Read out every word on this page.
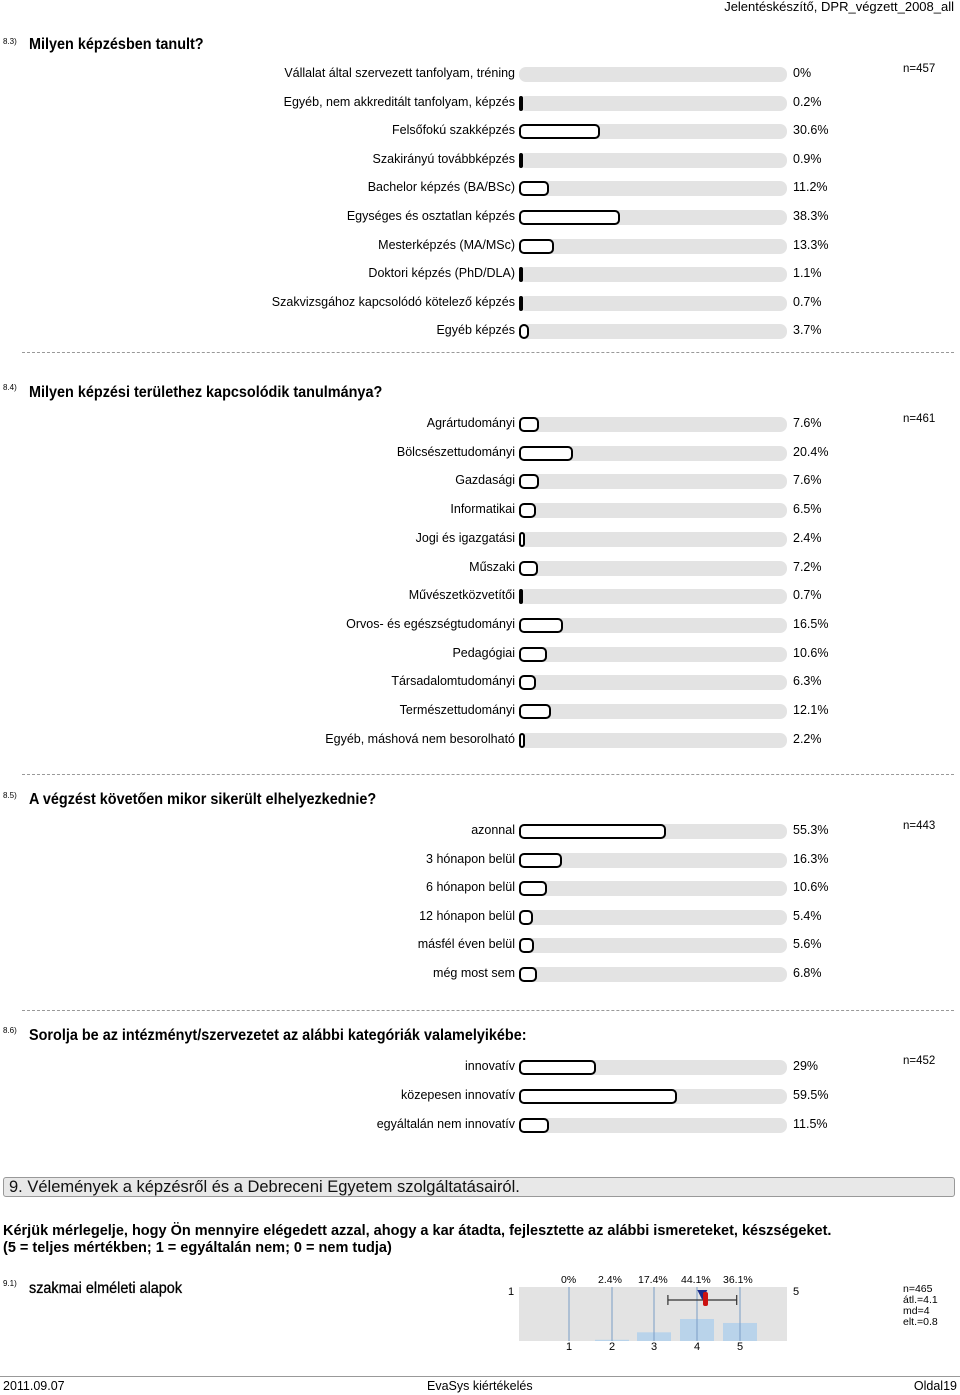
Jelentéskészítő, DPR_végzett_2008_all
8.3) Milyen képzésben tanult?
n=457
Vállalat által szervezett tanfolyam, tréning	0%
Egyéb, nem akkreditált tanfolyam, képzés	0.2%
Felsőfokú szakképzés	30.6%
Szakirányú továbbképzés	0.9%
Bachelor képzés (BA/BSc)	11.2%
Egységes és osztatlan képzés	38.3%
Mesterképzés (MA/MSc)	13.3%
Doktori képzés (PhD/DLA)	1.1%
Szakvizsgához kapcsolódó kötelező képzés	0.7%
Egyéb képzés	3.7%
8.4) Milyen képzési területhez kapcsolódik tanulmánya?
n=461
Agrártudományi	7.6%
Bölcsészettudományi	20.4%
Gazdasági	7.6%
Informatikai	6.5%
Jogi és igazgatási	2.4%
Műszaki	7.2%
Művészetközvetítői	0.7%
Orvos- és egészségtudományi	16.5%
Pedagógiai	10.6%
Társadalomtudományi	6.3%
Természettudományi	12.1%
Egyéb, máshová nem besorolható	2.2%
8.5) A végzést követően mikor sikerült elhelyezkednie?
n=443
azonnal	55.3%
3 hónapon belül	16.3%
6 hónapon belül	10.6%
12 hónapon belül	5.4%
másfél éven belül	5.6%
még most sem	6.8%
8.6) Sorolja be az intézményt/szervezetet az alábbi kategóriák valamelyikébe:
n=452
innovatív	29%
közepesen innovatív	59.5%
egyáltalán nem innovatív	11.5%
9. Vélemények a képzésről és a Debreceni Egyetem szolgáltatásairól.
Kérjük mérlegelje, hogy Ön mennyire elégedett azzal, ahogy a kar átadta, fejlesztette az alábbi ismereteket, készségeket.
(5 = teljes mértékben; 1 = egyáltalán nem; 0 = nem tudja)
9.1) szakmai elméleti alapok	1	5
0% 2.4% 17.4% 44.1% 36.1%
1	2	3	4	5
n=465
átl.=4.1
md=4
elt.=0.8
2011.09.07	EvaSys kiértékelés	Oldal19
